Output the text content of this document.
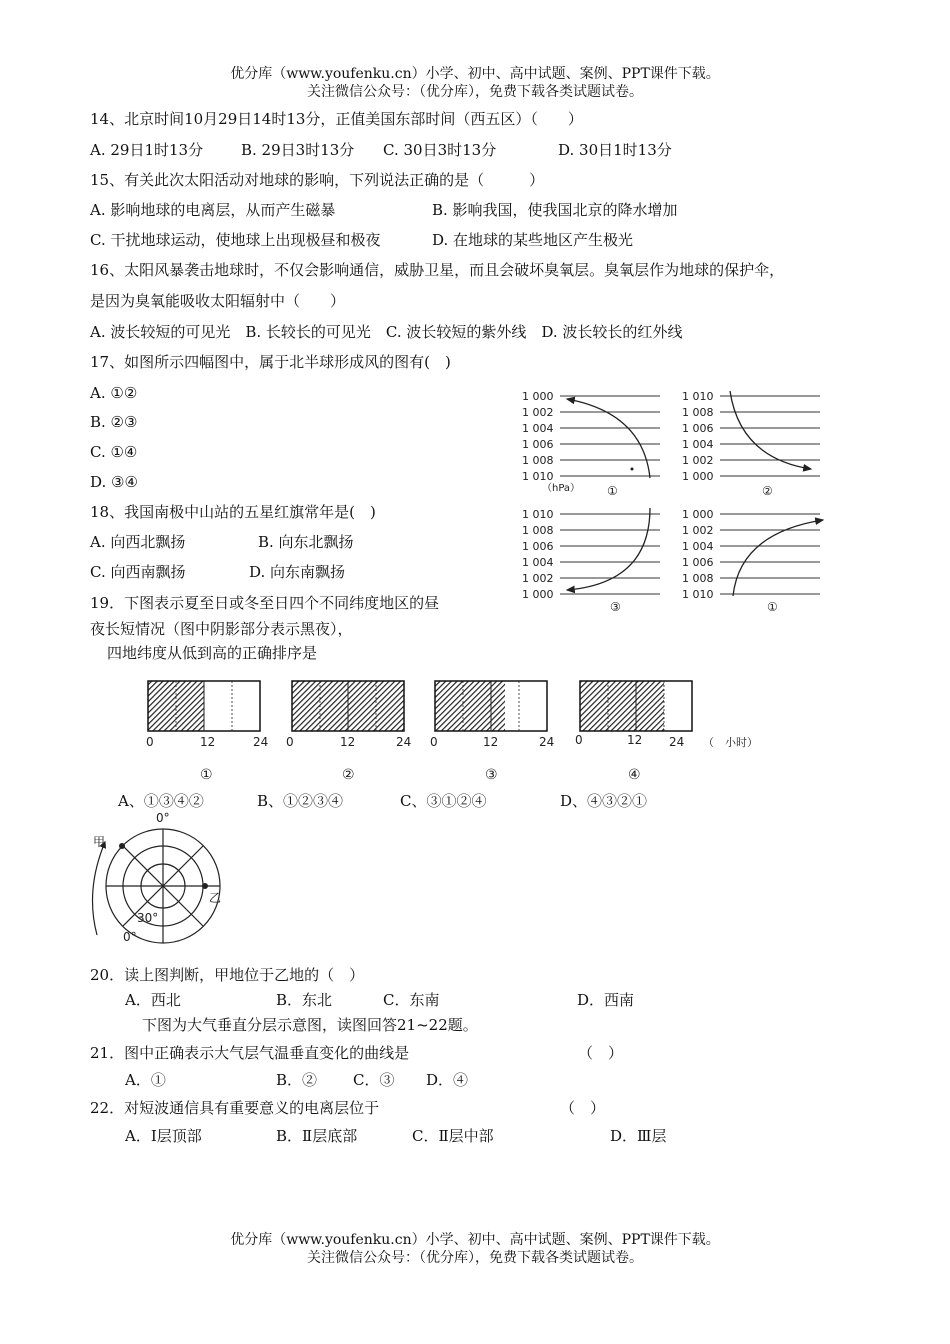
优分库（www.youfenku.cn）小学、初中、高中试题、案例、PPT课件下载。
关注微信公众号：（优分库），免费下载各类试题试卷。
14、北京时间10月29日14时13分，正值美国东部时间（西五区）（　　）
A. 29日1时13分	B. 29日3时13分 C. 30日3时13分	D. 30日1时13分
15、有关此次太阳活动对地球的影响，下列说法正确的是（　　　）
A. 影响地球的电离层，从而产生磁暴	B. 影响我国，使我国北京的降水增加
C. 干扰地球运动，使地球上出现极昼和极夜	D. 在地球的某些地区产生极光
16、太阳风暴袭击地球时，不仅会影响通信，威胁卫星，而且会破坏臭氧层。臭氧层作为地球的保护伞，
是因为臭氧能吸收太阳辐射中（　　）
A. 波长较短的可见光　B. 长较长的可见光　C. 波长较短的紫外线　D. 波长较长的红外线
17、如图所示四幅图中，属于北半球形成风的图有(　)
A. ①②
B. ②③
C. ①④
D. ③④
1 000
1 002
1 004
1 006
1 008
1 010
（hPa） ①
1 010
1 008
1 006
1 004
1 002
1 000
②
1 010
1 008
1 006
1 004
1 002
1 000
③
1 000
1 002
1 004
1 006
1 008
1 010
①
18、我国南极中山站的五星红旗常年是(　)
A. 向西北飘扬	B. 向东北飘扬
C. 向西南飘扬	D. 向东南飘扬
19．下图表示夏至日或冬至日四个不同纬度地区的昼
夜长短情况（图中阴影部分表示黑夜），
四地纬度从低到高的正确排序是
0	12	24 0	12	24 0	12	24 0	12 24 （　小时）
①	②	③	④
A、①③④②	B、①②③④	C、③①②④	D、④③②①
0°
甲
乙
30°
0°
20．读上图判断，甲地位于乙地的（　）
A．西北	B．东北	C．东南	D．西南
下图为大气垂直分层示意图，读图回答21~22题。
21．图中正确表示大气层气温垂直变化的曲线是	（　）
A．①	B．② C．③ D．④
22．对短波通信具有重要意义的电离层位于	（　）
A．Ⅰ层顶部	B．Ⅱ层底部	C．Ⅱ层中部	D．Ⅲ层
优分库（www.youfenku.cn）小学、初中、高中试题、案例、PPT课件下载。
关注微信公众号：（优分库），免费下载各类试题试卷。
